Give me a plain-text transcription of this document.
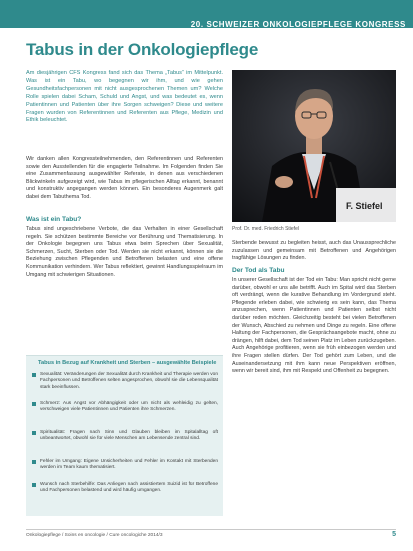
20. SCHWEIZER ONKOLOGIEPFLEGE KONGRESS

Tabus in der Onkologiepflege

Am diesjährigen CFS Kongress fand sich das Thema „Tabus“ im Mittelpunkt. Was ist ein Tabu, wo begegnen wir ihm, und wie gehen Gesundheitsfachpersonen mit nicht ausgesprochenen Themen um? Welche Rolle spielen dabei Scham, Schuld und Angst, und was bedeutet es, wenn Patientinnen und Patienten über ihre Sorgen schweigen? Diese und weitere Fragen wurden von Referentinnen und Referenten aus Pflege, Medizin und Ethik beleuchtet.

Wir danken allen Kongressteilnehmenden, den Referentinnen und Referenten sowie den Ausstellenden für die engagierte Teilnahme. Im Folgenden finden Sie eine Zusammenfassung ausgewählter Referate, in denen aus verschiedenen Blickwinkeln aufgezeigt wird, wie Tabus im pflegerischen Alltag erkannt, benannt und konstruktiv angegangen werden können. Ein besonderes Augenmerk galt dabei dem Tabuthema Tod.

Was ist ein Tabu?

Tabus sind ungeschriebene Verbote, die das Verhalten in einer Gesellschaft regeln. Sie schützen bestimmte Bereiche vor Berührung und Thematisierung. In der Onkologie begegnen uns Tabus etwa beim Sprechen über Sexualität, Schmerzen, Sucht, Sterben oder Tod. Werden sie nicht erkannt, können sie die Beziehung zwischen Pflegenden und Betroffenen belasten und eine offene Kommunikation verhindern. Wer Tabus reflektiert, gewinnt Handlungsspielraum im Umgang mit schwierigen Situationen.

F. Stiefel

Prof. Dr. med. Friedrich Stiefel

Sterbende bewusst zu begleiten heisst, auch das Unaussprechliche zuzulassen und gemeinsam mit Betroffenen und Angehörigen tragfähige Lösungen zu finden.

Der Tod als Tabu

In unserer Gesellschaft ist der Tod ein Tabu: Man spricht nicht gerne darüber, obwohl er uns alle betrifft. Auch im Spital wird das Sterben oft verdrängt, wenn die kurative Behandlung im Vordergrund steht. Pflegende erleben dabei, wie schwierig es sein kann, das Thema anzusprechen, wenn Patientinnen und Patienten selbst nicht darüber reden möchten. Gleichzeitig besteht bei vielen Betroffenen der Wunsch, Abschied zu nehmen und Dinge zu regeln. Eine offene Haltung der Fachpersonen, die Gesprächsangebote macht, ohne zu drängen, hilft dabei, dem Tod seinen Platz im Leben zurückzugeben. Auch Angehörige profitieren, wenn sie früh einbezogen werden und ihre Fragen stellen dürfen. Der Tod gehört zum Leben, und die Auseinandersetzung mit ihm kann neue Perspektiven eröffnen, wenn wir bereit sind, ihm mit Respekt und Offenheit zu begegnen.

Tabus in Bezug auf Krankheit und Sterben – ausgewählte Beispiele

Sexualität: Veränderungen der Sexualität durch Krankheit und Therapie werden von Fachpersonen und Betroffenen selten angesprochen, obwohl sie die Lebensqualität stark beeinflussen.

Schmerz: Aus Angst vor Abhängigkeit oder um nicht als wehleidig zu gelten, verschweigen viele Patientinnen und Patienten ihre Schmerzen.

Spiritualität: Fragen nach Sinn und Glauben bleiben im Spitalalltag oft unbeantwortet, obwohl sie für viele Menschen am Lebensende zentral sind.

Fehler im Umgang: Eigene Unsicherheiten und Fehler im Kontakt mit Sterbenden werden im Team kaum thematisiert.

Wunsch nach Sterbehilfe: Das Anliegen nach assistiertem Suizid ist für Betroffene und Fachpersonen belastend und wird häufig umgangen.

Onkologiepflege / Soins en oncologie / Cure oncologiche 2014/3	5
